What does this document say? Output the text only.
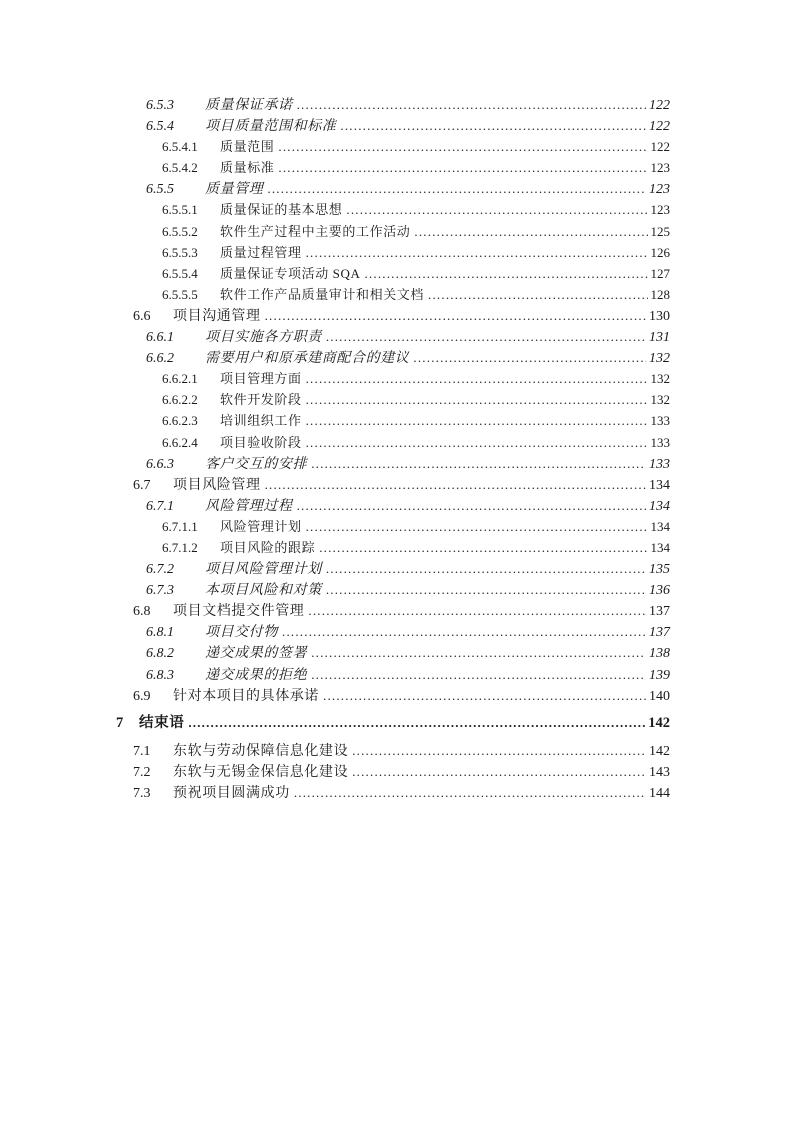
6.5.3	质量保证承诺 .....	122
6.5.4	项目质量范围和标准 .....	122
6.5.4.1	质量范围 .....	122
6.5.4.2	质量标准 .....	123
6.5.5	质量管理 .....	123
6.5.5.1	质量保证的基本思想 .....	123
6.5.5.2	软件生产过程中主要的工作活动 .....	125
6.5.5.3	质量过程管理 .....	126
6.5.5.4	质量保证专项活动 SQA .....	127
6.5.5.5	软件工作产品质量审计和相关文档 .....	128
6.6	项目沟通管理 .....	130
6.6.1	项目实施各方职责 .....	131
6.6.2	需要用户和原承建商配合的建议 .....	132
6.6.2.1	项目管理方面 .....	132
6.6.2.2	软件开发阶段 .....	132
6.6.2.3	培训组织工作 .....	133
6.6.2.4	项目验收阶段 .....	133
6.6.3	客户交互的安排 .....	133
6.7	项目风险管理 .....	134
6.7.1	风险管理过程 .....	134
6.7.1.1	风险管理计划 .....	134
6.7.1.2	项目风险的跟踪 .....	134
6.7.2	项目风险管理计划 .....	135
6.7.3	本项目风险和对策 .....	136
6.8	项目文档提交件管理 .....	137
6.8.1	项目交付物 .....	137
6.8.2	递交成果的签署 .....	138
6.8.3	递交成果的拒绝 .....	139
6.9	针对本项目的具体承诺 .....	140
7	结束语 .....	142
7.1	东软与劳动保障信息化建设 .....	142
7.2	东软与无锡金保信息化建设 .....	143
7.3	预祝项目圆满成功 .....	144
